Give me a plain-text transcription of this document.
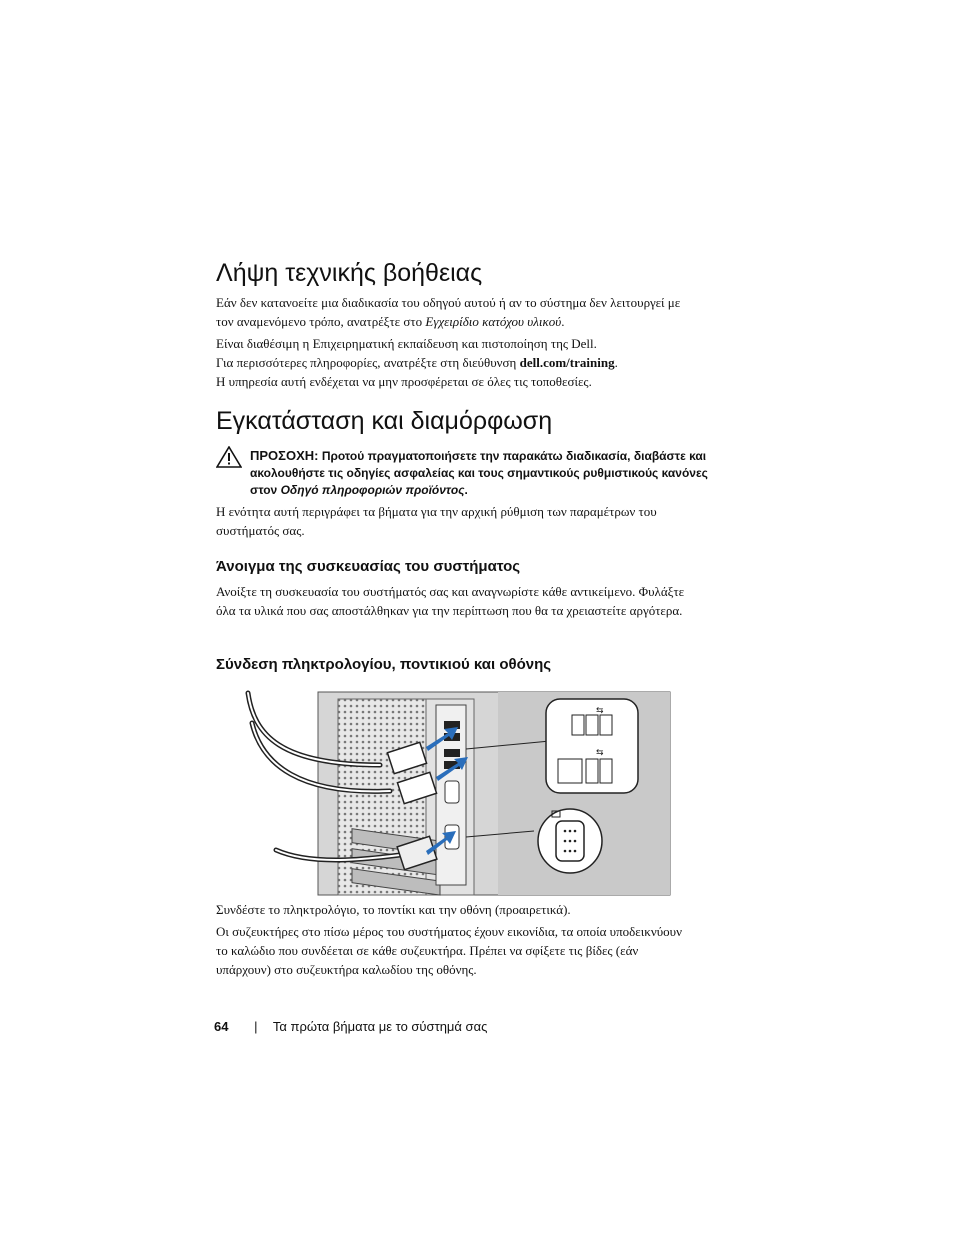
Λήψη τεχνικής βοήθειας

Εάν δεν κατανοείτε μια διαδικασία του οδηγού αυτού ή αν το σύστημα δεν λειτουργεί με τον αναμενόμενο τρόπο, ανατρέξτε στο Εγχειρίδιο κατόχου υλικού.

Είναι διαθέσιμη η Επιχειρηματική εκπαίδευση και πιστοποίηση της Dell.
Για περισσότερες πληροφορίες, ανατρέξτε στη διεύθυνση dell.com/training.
Η υπηρεσία αυτή ενδέχεται να μην προσφέρεται σε όλες τις τοποθεσίες.
Εγκατάσταση και διαμόρφωση

ΠΡΟΣΟΧΗ: Προτού πραγματοποιήσετε την παρακάτω διαδικασία, διαβάστε και ακολουθήστε τις οδηγίες ασφαλείας και τους σημαντικούς ρυθμιστικούς κανόνες στον Οδηγό πληροφοριών προϊόντος.

Η ενότητα αυτή περιγράφει τα βήματα για την αρχική ρύθμιση των παραμέτρων του συστήματός σας.

Άνοιγμα της συσκευασίας του συστήματος

Ανοίξτε τη συσκευασία του συστήματός σας και αναγνωρίστε κάθε αντικείμενο. Φυλάξτε όλα τα υλικά που σας αποστάλθηκαν για την περίπτωση που θα τα χρειαστείτε αργότερα.

Σύνδεση πληκτρολογίου, ποντικιού και οθόνης
⇆
⇆

Συνδέστε το πληκτρολόγιο, το ποντίκι και την οθόνη (προαιρετικά).

Οι συζευκτήρες στο πίσω μέρος του συστήματος έχουν εικονίδια, τα οποία υποδεικνύουν το καλώδιο που συνδέεται σε κάθε συζευκτήρα. Πρέπει να σφίξετε τις βίδες (εάν υπάρχουν) στο συζευκτήρα καλωδίου της οθόνης.

64 | Τα πρώτα βήματα με το σύστημά σας
